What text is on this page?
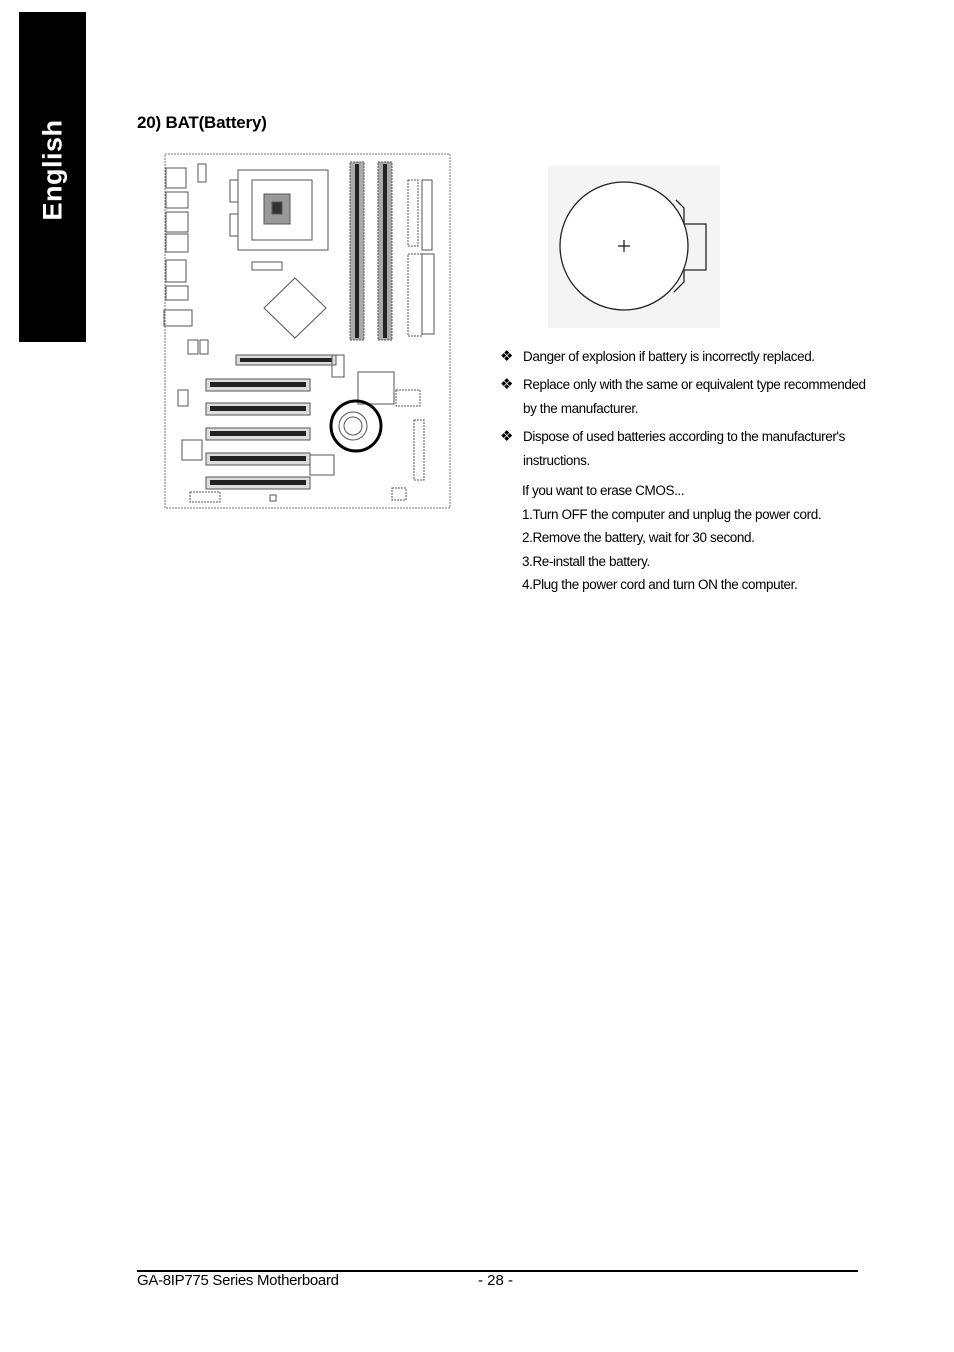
English	20) BAT(Battery)
❖ Danger of explosion if battery is incorrectly replaced.
❖ Replace only with the same or equivalent type recommended by the manufacturer.
❖ Dispose of used batteries according to the manufacturer's instructions.
If you want to erase CMOS...
1.Turn OFF the computer and unplug the power cord.
2.Remove the battery, wait for 30 second.
3.Re-install the battery.
4.Plug the power cord and turn ON the computer.
GA-8IP775 Series Motherboard	- 28 -
